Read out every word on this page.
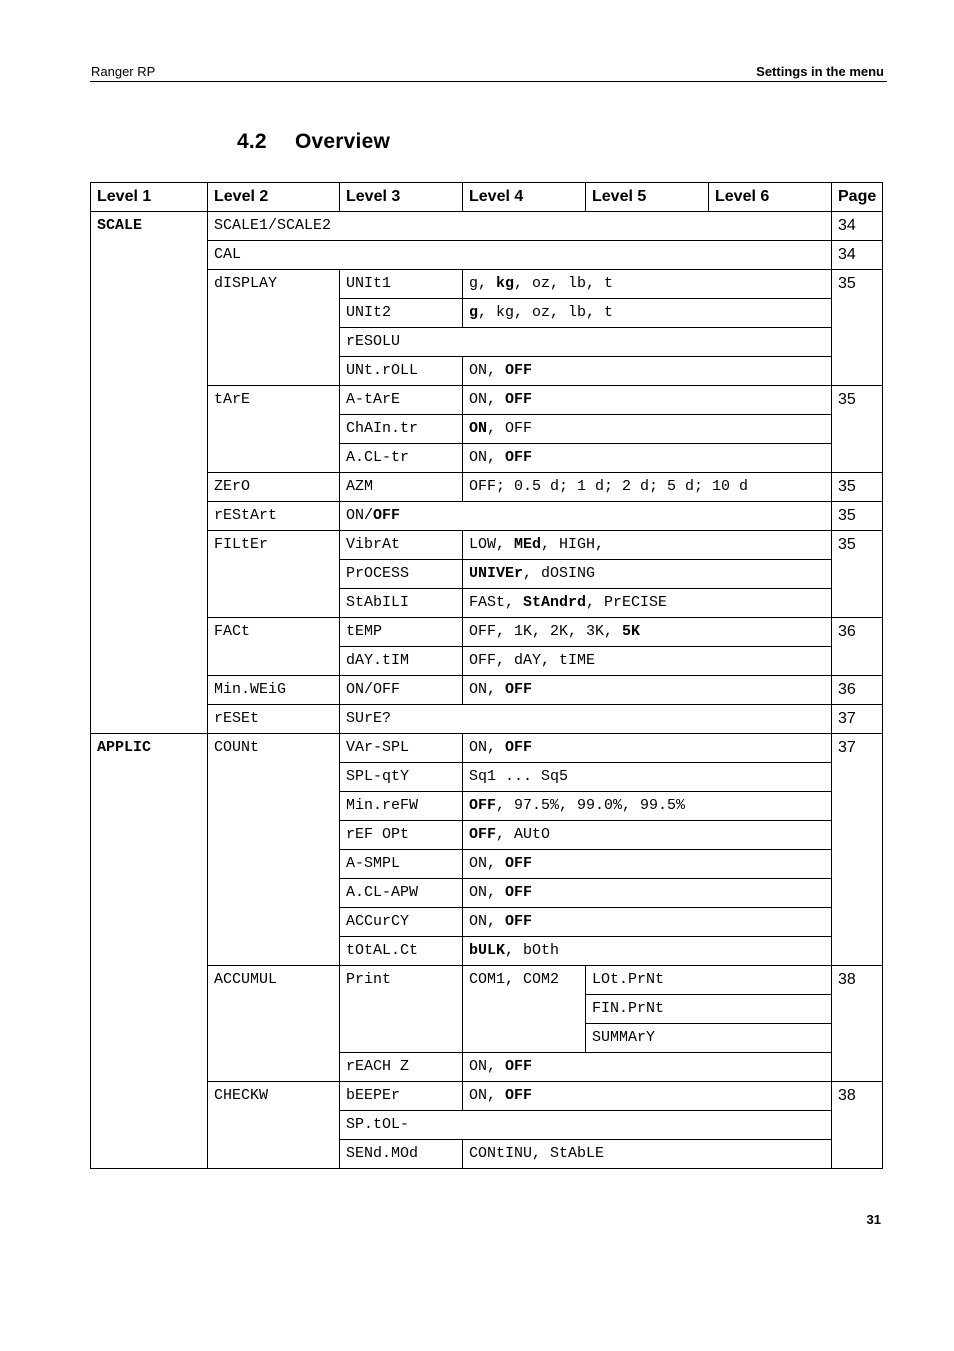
Ranger RP	Settings in the menu
4.2 Overview
Level 1	Level 2	Level 3	Level 4	Level 5	Level 6	Page
SCALE	SCALE1/SCALE2					34
	CAL					34
	dISPLAY	UNIt1	g, kg, oz, lb, t			35
		UNIt2	g, kg, oz, lb, t			
		rESOLU				
		UNt.rOLL	ON, OFF			
	tArE	A-tArE	ON, OFF			35
		ChAIn.tr	ON, OFF			
		A.CL-tr	ON, OFF			
	ZErO	AZM	OFF; 0.5 d; 1 d; 2 d; 5 d; 10 d			35
	rEStArt	ON/OFF				35
	FILtEr	VibrAt	LOW, MEd, HIGH,			35
		PrOCESS	UNIVEr, dOSING			
		StAbILI	FASt, StAndrd, PrECISE			
	FACt	tEMP	OFF, 1K, 2K, 3K, 5K			36
		dAY.tIM	OFF, dAY, tIME			
	Min.WEiG	ON/OFF	ON, OFF			36
	rESEt	SUrE?				37
APPLIC	COUNt	VAr-SPL	ON, OFF			37
		SPL-qtY	Sq1 ... Sq5			
		Min.reFW	OFF, 97.5%, 99.0%, 99.5%			
		rEF OPt	OFF, AUtO			
		A-SMPL	ON, OFF			
		A.CL-APW	ON, OFF			
		ACCurCY	ON, OFF			
		tOtAL.Ct	bULK, bOth			
	ACCUMUL	Print	COM1, COM2	LOt.PrNt		38
				FIN.PrNt		
				SUMMArY		
		rEACH Z	ON, OFF			
	CHECKW	bEEPEr	ON, OFF			38
		SP.tOL-				
		SENd.MOd	CONtINU, StAbLE			
31
